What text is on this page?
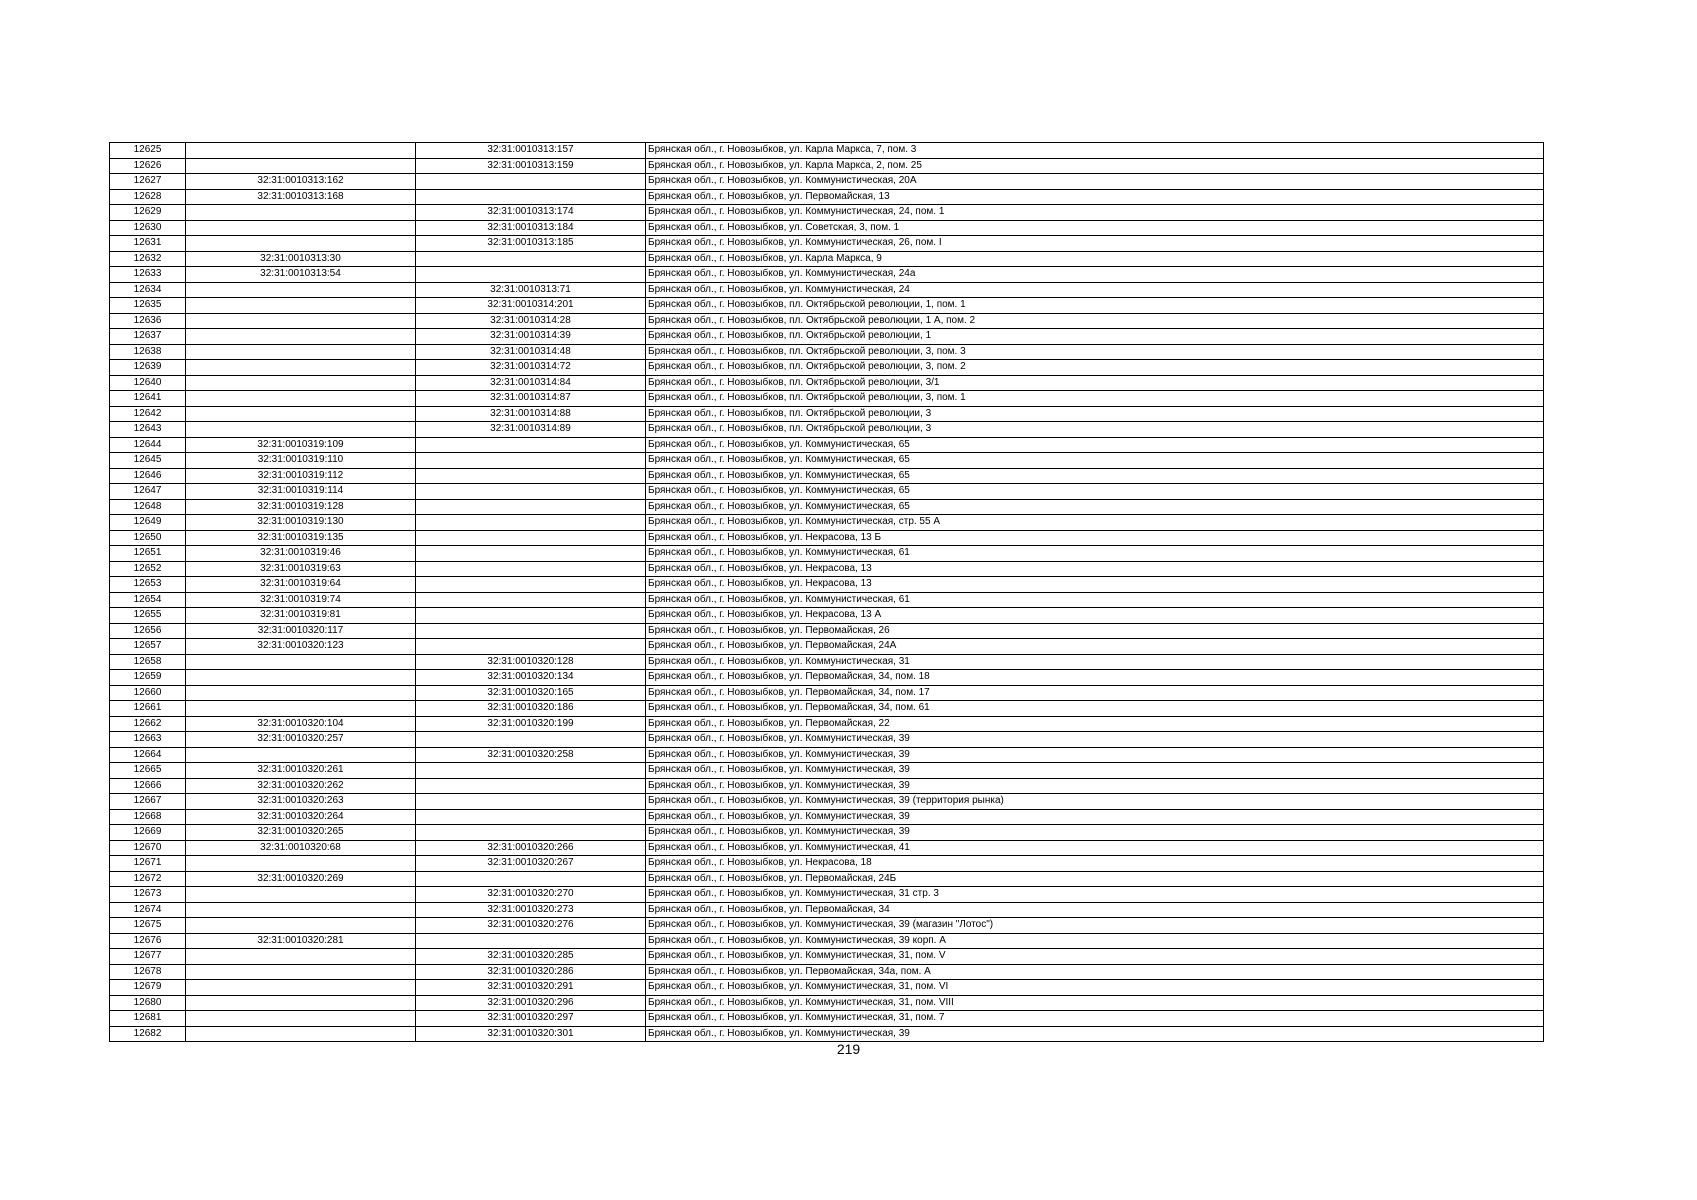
12625		32:31:0010313:157	Брянская обл., г. Новозыбков, ул. Карла Маркса, 7, пом. 3
12626		32:31:0010313:159	Брянская обл., г. Новозыбков, ул. Карла Маркса, 2, пом. 25
12627	32:31:0010313:162		Брянская обл., г. Новозыбков, ул. Коммунистическая, 20А
12628	32:31:0010313:168		Брянская обл., г. Новозыбков, ул. Первомайская, 13
12629		32:31:0010313:174	Брянская обл., г. Новозыбков, ул. Коммунистическая, 24, пом. 1
12630		32:31:0010313:184	Брянская обл., г. Новозыбков, ул. Советская, 3, пом. 1
12631		32:31:0010313:185	Брянская обл., г. Новозыбков, ул. Коммунистическая, 26, пом. I
12632	32:31:0010313:30		Брянская обл., г. Новозыбков, ул. Карла Маркса, 9
12633	32:31:0010313:54		Брянская обл., г. Новозыбков, ул. Коммунистическая, 24а
12634		32:31:0010313:71	Брянская обл., г. Новозыбков, ул. Коммунистическая, 24
12635		32:31:0010314:201	Брянская обл., г. Новозыбков, пл. Октябрьской революции, 1, пом. 1
12636		32:31:0010314:28	Брянская обл., г. Новозыбков, пл. Октябрьской революции, 1 А, пом. 2
12637		32:31:0010314:39	Брянская обл., г. Новозыбков, пл. Октябрьской революции, 1
12638		32:31:0010314:48	Брянская обл., г. Новозыбков, пл. Октябрьской революции, 3, пом. 3
12639		32:31:0010314:72	Брянская обл., г. Новозыбков, пл. Октябрьской революции, 3, пом. 2
12640		32:31:0010314:84	Брянская обл., г. Новозыбков, пл. Октябрьской революции, 3/1
12641		32:31:0010314:87	Брянская обл., г. Новозыбков, пл. Октябрьской революции, 3, пом. 1
12642		32:31:0010314:88	Брянская обл., г. Новозыбков, пл. Октябрьской революции, 3
12643		32:31:0010314:89	Брянская обл., г. Новозыбков, пл. Октябрьской революции, 3
12644	32:31:0010319:109		Брянская обл., г. Новозыбков, ул. Коммунистическая, 65
12645	32:31:0010319:110		Брянская обл., г. Новозыбков, ул. Коммунистическая, 65
12646	32:31:0010319:112		Брянская обл., г. Новозыбков, ул. Коммунистическая, 65
12647	32:31:0010319:114		Брянская обл., г. Новозыбков, ул. Коммунистическая, 65
12648	32:31:0010319:128		Брянская обл., г. Новозыбков, ул. Коммунистическая, 65
12649	32:31:0010319:130		Брянская обл., г. Новозыбков, ул. Коммунистическая, стр. 55 А
12650	32:31:0010319:135		Брянская обл., г. Новозыбков, ул. Некрасова, 13 Б
12651	32:31:0010319:46		Брянская обл., г. Новозыбков, ул. Коммунистическая, 61
12652	32:31:0010319:63		Брянская обл., г. Новозыбков, ул. Некрасова, 13
12653	32:31:0010319:64		Брянская обл., г. Новозыбков, ул. Некрасова, 13
12654	32:31:0010319:74		Брянская обл., г. Новозыбков, ул. Коммунистическая, 61
12655	32:31:0010319:81		Брянская обл., г. Новозыбков, ул. Некрасова, 13 А
12656	32:31:0010320:117		Брянская обл., г. Новозыбков, ул. Первомайская, 26
12657	32:31:0010320:123		Брянская обл., г. Новозыбков, ул. Первомайская, 24А
12658		32:31:0010320:128	Брянская обл., г. Новозыбков, ул. Коммунистическая, 31
12659		32:31:0010320:134	Брянская обл., г. Новозыбков, ул. Первомайская, 34, пом. 18
12660		32:31:0010320:165	Брянская обл., г. Новозыбков, ул. Первомайская, 34, пом. 17
12661		32:31:0010320:186	Брянская обл., г. Новозыбков, ул. Первомайская, 34, пом. 61
12662	32:31:0010320:104	32:31:0010320:199	Брянская обл., г. Новозыбков, ул. Первомайская, 22
12663	32:31:0010320:257		Брянская обл., г. Новозыбков, ул. Коммунистическая, 39
12664		32:31:0010320:258	Брянская обл., г. Новозыбков, ул. Коммунистическая, 39
12665	32:31:0010320:261		Брянская обл., г. Новозыбков, ул. Коммунистическая, 39
12666	32:31:0010320:262		Брянская обл., г. Новозыбков, ул. Коммунистическая, 39
12667	32:31:0010320:263		Брянская обл., г. Новозыбков, ул. Коммунистическая, 39 (территория рынка)
12668	32:31:0010320:264		Брянская обл., г. Новозыбков, ул. Коммунистическая, 39
12669	32:31:0010320:265		Брянская обл., г. Новозыбков, ул. Коммунистическая, 39
12670	32:31:0010320:68	32:31:0010320:266	Брянская обл., г. Новозыбков, ул. Коммунистическая, 41
12671		32:31:0010320:267	Брянская обл., г. Новозыбков, ул. Некрасова, 18
12672	32:31:0010320:269		Брянская обл., г. Новозыбков, ул. Первомайская, 24Б
12673		32:31:0010320:270	Брянская обл., г. Новозыбков, ул. Коммунистическая, 31 стр. 3
12674		32:31:0010320:273	Брянская обл., г. Новозыбков, ул. Первомайская, 34
12675		32:31:0010320:276	Брянская обл., г. Новозыбков, ул. Коммунистическая, 39 (магазин "Лотос")
12676	32:31:0010320:281		Брянская обл., г. Новозыбков, ул. Коммунистическая, 39 корп. А
12677		32:31:0010320:285	Брянская обл., г. Новозыбков, ул. Коммунистическая, 31, пом. V
12678		32:31:0010320:286	Брянская обл., г. Новозыбков, ул. Первомайская, 34а, пом. А
12679		32:31:0010320:291	Брянская обл., г. Новозыбков, ул. Коммунистическая, 31, пом. VI
12680		32:31:0010320:296	Брянская обл., г. Новозыбков, ул. Коммунистическая, 31, пом. VIII
12681		32:31:0010320:297	Брянская обл., г. Новозыбков, ул. Коммунистическая, 31, пом. 7
12682		32:31:0010320:301	Брянская обл., г. Новозыбков, ул. Коммунистическая, 39
219
